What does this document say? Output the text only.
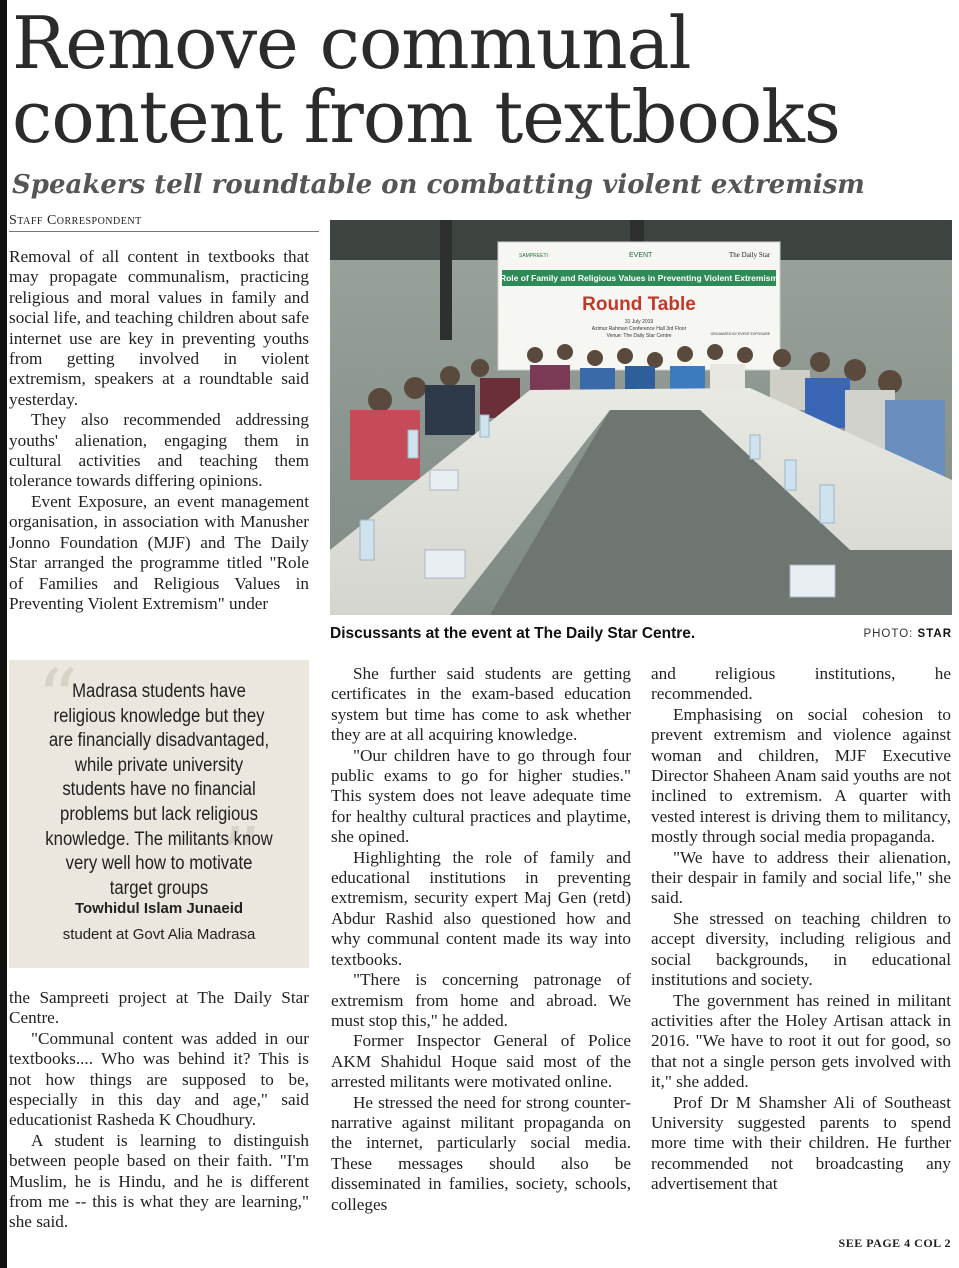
Remove communal content from textbooks
Speakers tell roundtable on combatting violent extremism
Staff Correspondent

Removal of all content in textbooks that may propagate communalism, practicing religious and moral values in family and social life, and teaching children about safe internet use are key in preventing youths from getting involved in violent extremism, speakers at a roundtable said yesterday.

They also recommended addressing youths' alienation, engaging them in cultural activities and teaching them tolerance towards differing opinions.

Event Exposure, an event management organisation, in association with Manusher Jonno Foundation (MJF) and The Daily Star arranged the programme titled "Role of Families and Religious Values in Preventing Violent Extremism" under

SAMPREETI	EVENT	The Daily Star
Role of Family and Religious Values in Preventing Violent Extremism
Round Table
31 July 2019
Azimur Rahman Conference Hall 3rd Floor
Venue: The Daily Star Centre	ORGANIZED BY EVENT EXPOSURE
Discussants at the event at The Daily Star Centre.	PHOTO: STAR
“
”
Madrasa students have religious knowledge but they are financially disadvantaged, while private university students have no financial problems but lack religious knowledge. The militants know very well how to motivate target groups
Towhidul Islam Junaeid
student at Govt Alia Madrasa

the Sampreeti project at The Daily Star Centre.

"Communal content was added in our textbooks.... Who was behind it? This is not how things are supposed to be, especially in this day and age," said educationist Rasheda K Choudhury.

A student is learning to distinguish between people based on their faith. "I'm Muslim, he is Hindu, and he is different from me -- this is what they are learning," she said.

She further said students are getting certificates in the exam-based education system but time has come to ask whether they are at all acquiring knowledge.

"Our children have to go through four public exams to go for higher studies." This system does not leave adequate time for healthy cultural practices and playtime, she opined.

Highlighting the role of family and educational institutions in preventing extremism, security expert Maj Gen (retd) Abdur Rashid also questioned how and why communal content made its way into textbooks.

"There is concerning patronage of extremism from home and abroad. We must stop this," he added.

Former Inspector General of Police AKM Shahidul Hoque said most of the arrested militants were motivated online.

He stressed the need for strong counter-narrative against militant propaganda on the internet, particularly social media. These messages should also be disseminated in families, society, schools, colleges

and religious institutions, he recommended.

Emphasising on social cohesion to prevent extremism and violence against woman and children, MJF Executive Director Shaheen Anam said youths are not inclined to extremism. A quarter with vested interest is driving them to militancy, mostly through social media propaganda.

"We have to address their alienation, their despair in family and social life," she said.

She stressed on teaching children to accept diversity, including religious and social backgrounds, in educational institutions and society.

The government has reined in militant activities after the Holey Artisan attack in 2016. "We have to root it out for good, so that not a single person gets involved with it," she added.

Prof Dr M Shamsher Ali of Southeast University suggested parents to spend more time with their children. He further recommended not broadcasting any advertisement that

SEE PAGE 4 COL 2
